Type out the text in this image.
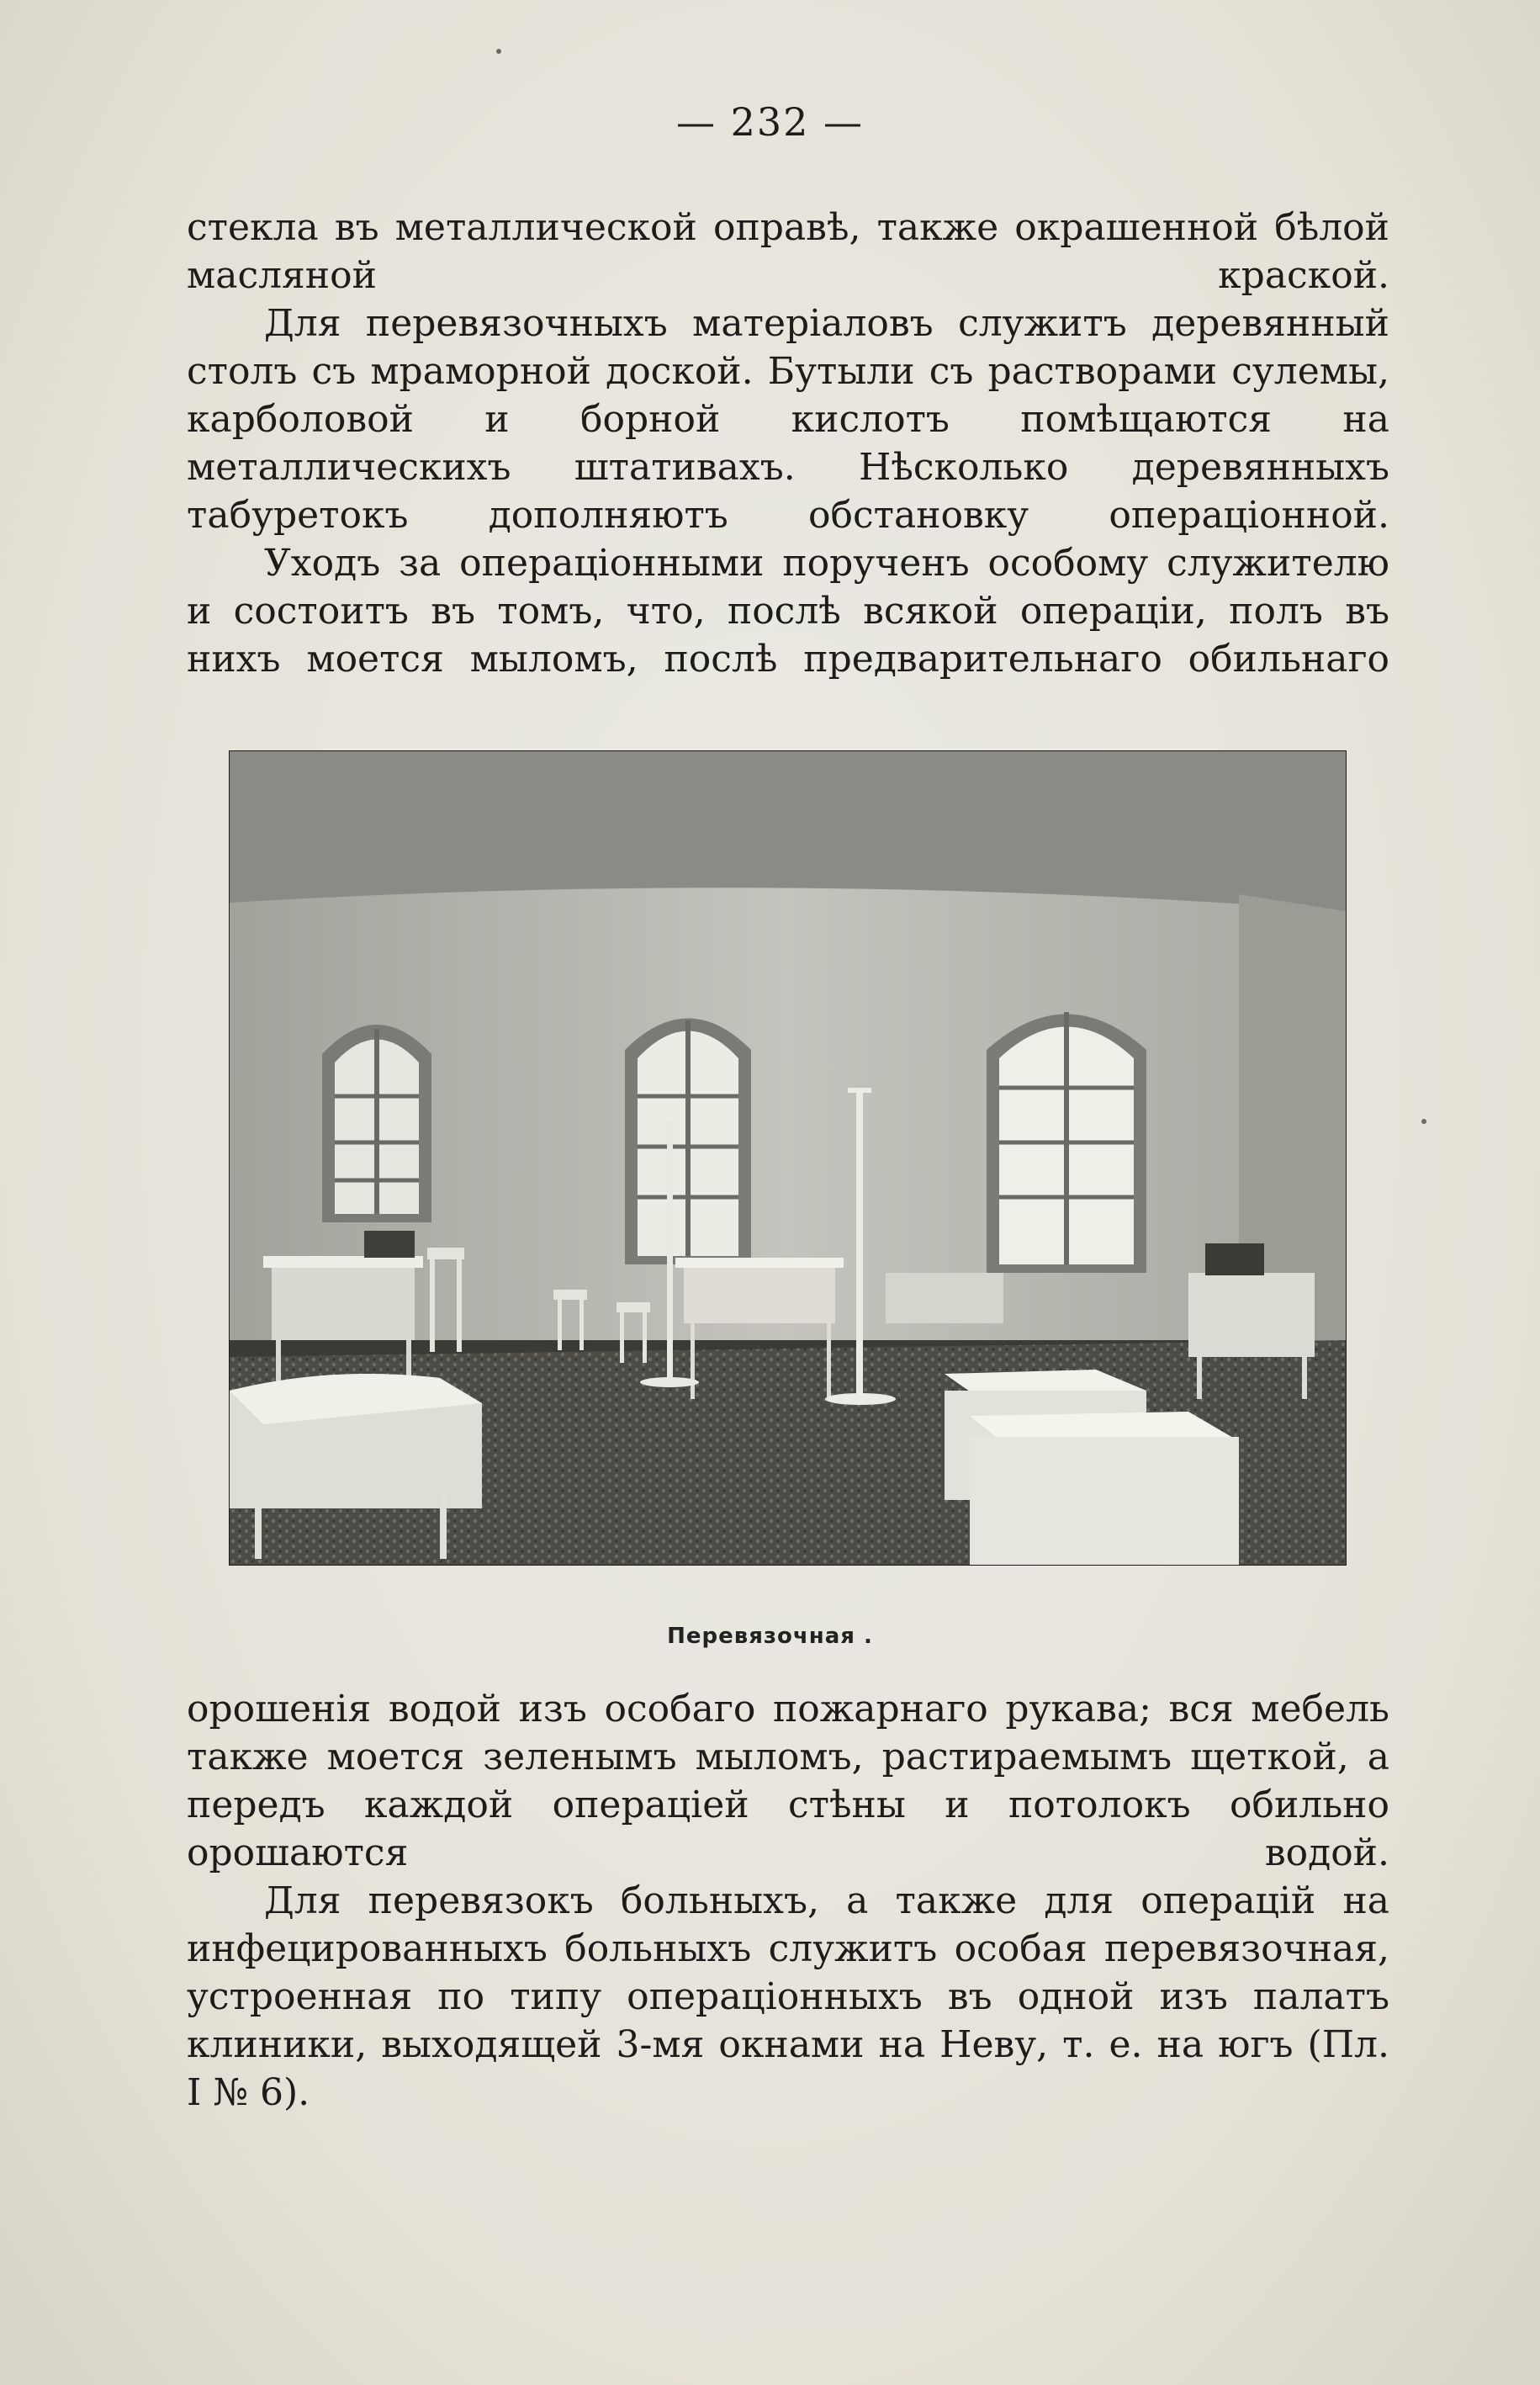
— 232 —

стекла въ металлической оправѣ, также окрашенной бѣлой масляной краской.

Для перевязочныхъ матеріаловъ служитъ деревянный столъ съ мраморной доской. Бутыли съ растворами сулемы, карболовой и борной кислотъ помѣщаются на металлическихъ штативахъ. Нѣсколько деревянныхъ табуретокъ дополняютъ обстановку операціонной.

Уходъ за операціонными порученъ особому служителю и состоитъ въ томъ, что, послѣ всякой операціи, полъ въ нихъ моется мыломъ, послѣ предварительнаго обильнаго

Перевязочная .

орошенія водой изъ особаго пожарнаго рукава; вся мебель также моется зеленымъ мыломъ, растираемымъ щеткой, а передъ каждой операціей стѣны и потолокъ обильно орошаются водой.

Для перевязокъ больныхъ, а также для операцій на инфецированныхъ больныхъ служитъ особая перевязочная, устроенная по типу операціонныхъ въ одной изъ палатъ клиники, выходящей 3-мя окнами на Неву, т. е. на югъ (Пл. I № 6).
